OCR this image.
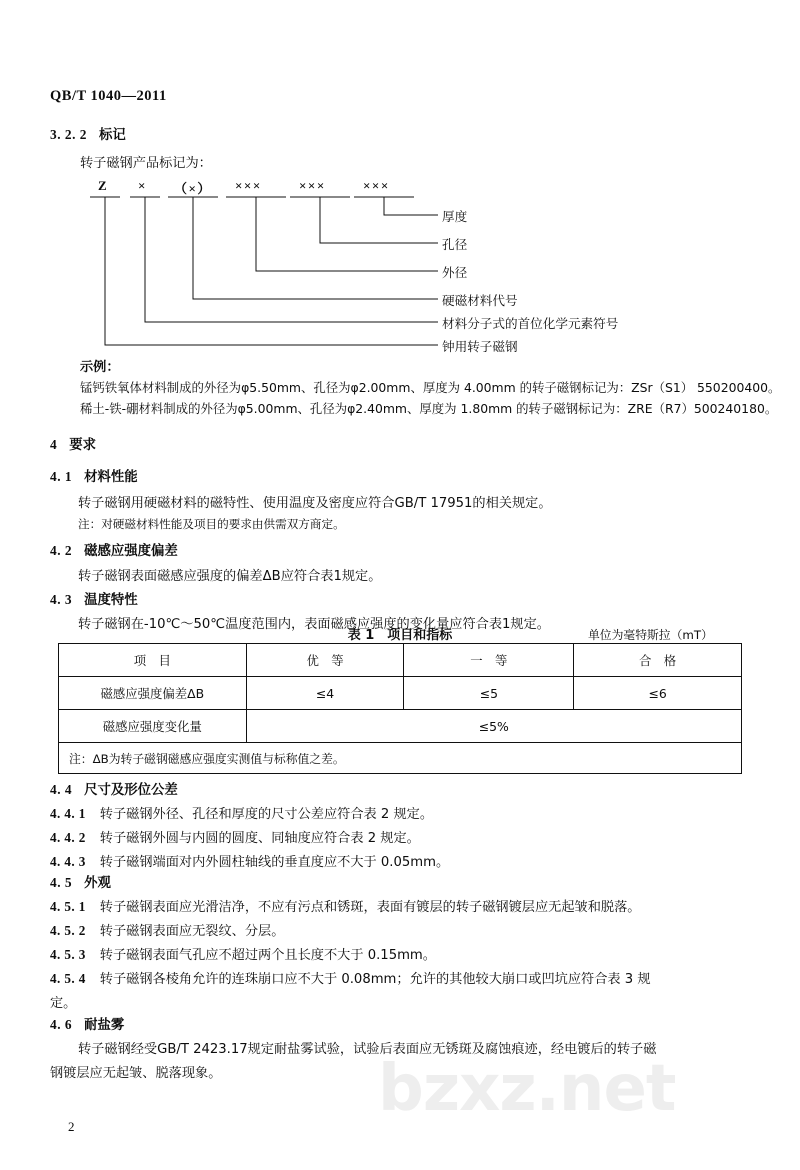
bzxz.net
QB/T 1040—2011
3. 2. 2 标记
转子磁钢产品标记为：
Z × （×） ×××	×××	×××
厚度
孔径
外径
硬磁材料代号
材料分子式的首位化学元素符号
钟用转子磁钢
示例：
锰钙铁氧体材料制成的外径为φ5.50mm、孔径为φ2.00mm、厚度为 4.00mm 的转子磁钢标记为：ZSr（S1） 550200400。
稀土-铁-硼材料制成的外径为φ5.00mm、孔径为φ2.40mm、厚度为 1.80mm 的转子磁钢标记为：ZRE（R7）500240180。
4 要求
4. 1 材料性能
转子磁钢用硬磁材料的磁特性、使用温度及密度应符合GB/T 17951的相关规定。
注：对硬磁材料性能及项目的要求由供需双方商定。
4. 2 磁感应强度偏差
转子磁钢表面磁感应强度的偏差ΔB应符合表1规定。
4. 3 温度特性
转子磁钢在-10℃～50℃温度范围内，表面磁感应强度的变化量应符合表1规定。
表 1　项目和指标	单位为毫特斯拉（mT）
项　目	优　等	一　等	合　格
磁感应强度偏差ΔB	≤4	≤5	≤6
磁感应强度变化量	≤5%		
注：ΔB为转子磁钢磁感应强度实测值与标称值之差。			
4. 4 尺寸及形位公差
4. 4. 1 转子磁钢外径、孔径和厚度的尺寸公差应符合表 2 规定。
4. 4. 2 转子磁钢外圆与内圆的圆度、同轴度应符合表 2 规定。
4. 4. 3 转子磁钢端面对内外圆柱轴线的垂直度应不大于 0.05mm。
4. 5 外观
4. 5. 1 转子磁钢表面应光滑洁净，不应有污点和锈斑，表面有镀层的转子磁钢镀层应无起皱和脱落。
4. 5. 2 转子磁钢表面应无裂纹、分层。
4. 5. 3 转子磁钢表面气孔应不超过两个且长度不大于 0.15mm。
4. 5. 4 转子磁钢各棱角允许的连珠崩口应不大于 0.08mm；允许的其他较大崩口或凹坑应符合表 3 规
定。
4. 6 耐盐雾
转子磁钢经受GB/T 2423.17规定耐盐雾试验，试验后表面应无锈斑及腐蚀痕迹，经电镀后的转子磁
钢镀层应无起皱、脱落现象。
2
